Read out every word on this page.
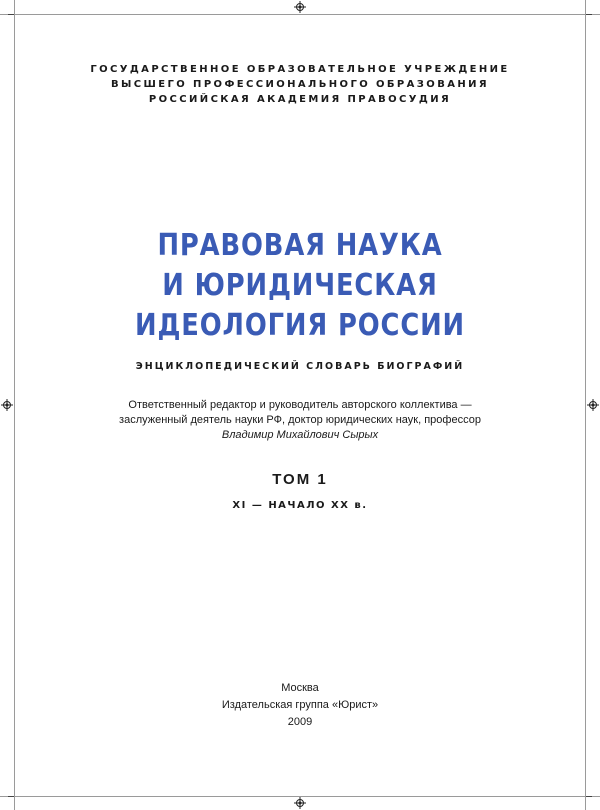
ГОСУДАРСТВЕННОЕ ОБРАЗОВАТЕЛЬНОЕ УЧРЕЖДЕНИЕ
ВЫСШЕГО ПРОФЕССИОНАЛЬНОГО ОБРАЗОВАНИЯ
РОССИЙСКАЯ АКАДЕМИЯ ПРАВОСУДИЯ
ПРАВОВАЯ НАУКА
И ЮРИДИЧЕСКАЯ
ИДЕОЛОГИЯ РОССИИ
ЭНЦИКЛОПЕДИЧЕСКИЙ СЛОВАРЬ БИОГРАФИЙ
Ответственный редактор и руководитель авторского коллектива —
заслуженный деятель науки РФ, доктор юридических наук, профессор
Владимир Михайлович Сырых
ТОМ 1
XI — НАЧАЛО XX в.
Москва
Издательская группа «Юрист»
2009
